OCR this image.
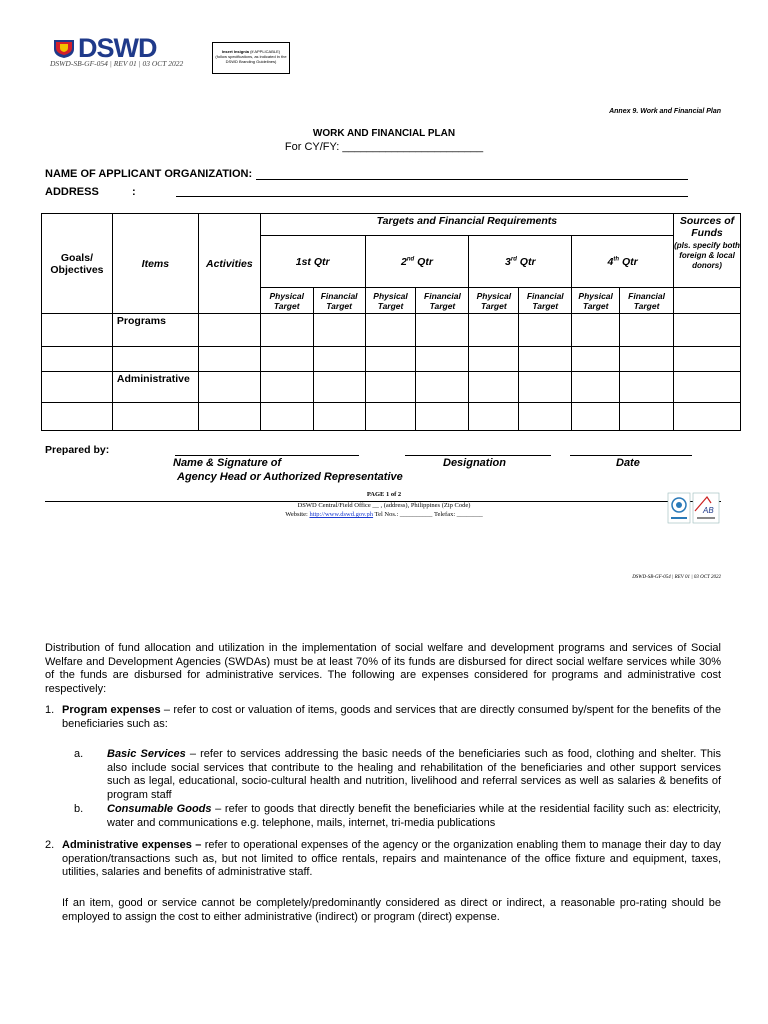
DSWD
DSWD-SB-GF-054 | REV 01 | 03 OCT 2022
Insert Insignia (if APPLICABLE)
(follow specifications, as indicated in the DSWD Branding Guidelines)
Annex 9. Work and Financial Plan
WORK AND FINANCIAL PLAN
For CY/FY: _______________________
NAME OF APPLICANT ORGANIZATION:
ADDRESS	:
Goals/ Objectives	Items	Activities	Targets and Financial Requirements								Sources of Funds
(pls. specify both foreign & local donors)

			1st Qtr		2nd Qtr		3rd Qtr		4th Qtr		
			Physical Target	Financial Target	Physical Target	Financial Target	Physical Target	Financial Target	Physical Target	Financial Target	
	Programs										

	Administrative										

Prepared by:
Name & Signature of
Agency Head or Authorized Representative
Designation	Date
PAGE 1 of 2
DSWD Central/Field Office __ , (address), Philippines (Zip Code)
Website: http://www.dswd.gov.ph Tel Nos.: __________ Telefax: ________	AB
DSWD-SB-GF-054 | REV 01 | 03 OCT 2022
Distribution of fund allocation and utilization in the implementation of social welfare and development programs and services of Social Welfare and Development Agencies (SWDAs) must be at least 70% of its funds are disbursed for direct social welfare services while 30% of the funds are disbursed for administrative services. The following are expenses considered for programs and administrative cost respectively:
1. Program expenses – refer to cost or valuation of items, goods and services that are directly consumed by/spent for the benefits of the beneficiaries such as:
a. Basic Services – refer to services addressing the basic needs of the beneficiaries such as food, clothing and shelter. This also include social services that contribute to the healing and rehabilitation of the beneficiaries and other support services such as legal, educational, socio-cultural health and nutrition, livelihood and referral services as well as salaries & benefits of program staff
b. Consumable Goods – refer to goods that directly benefit the beneficiaries while at the residential facility such as: electricity, water and communications e.g. telephone, mails, internet, tri-media publications
2. Administrative expenses – refer to operational expenses of the agency or the organization enabling them to manage their day to day operation/transactions such as, but not limited to office rentals, repairs and maintenance of the office fixture and equipment, taxes, utilities, salaries and benefits of administrative staff.
If an item, good or service cannot be completely/predominantly considered as direct or indirect, a reasonable pro-rating should be employed to assign the cost to either administrative (indirect) or program (direct) expense.
